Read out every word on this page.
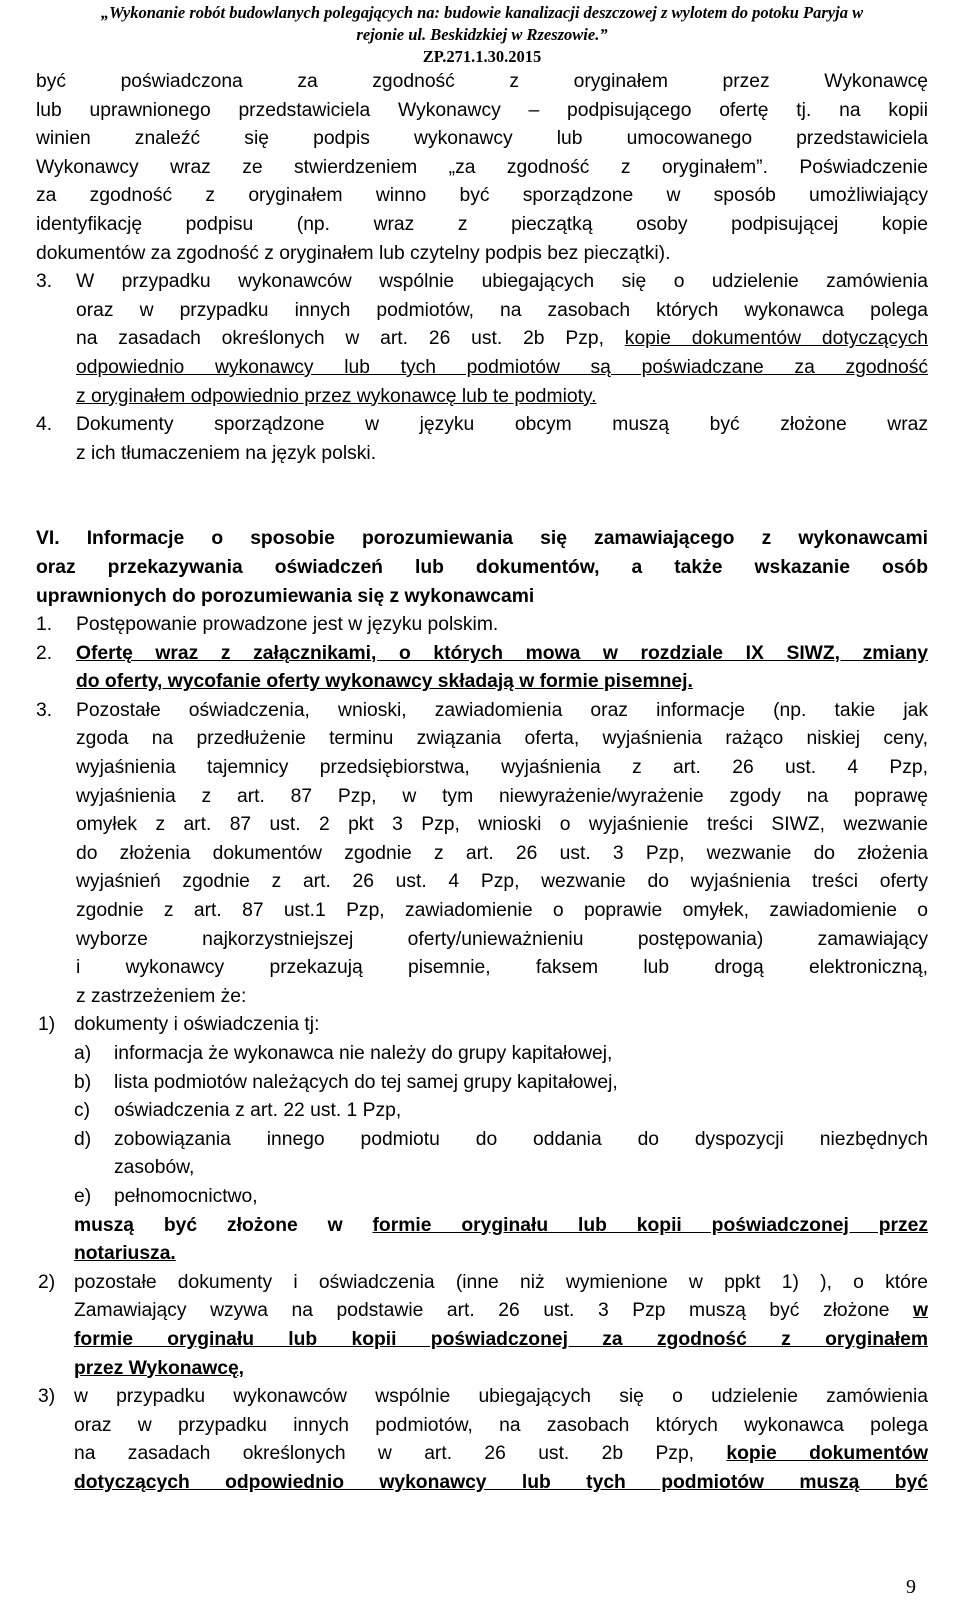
„Wykonanie robót budowlanych polegających na: budowie kanalizacji deszczowej z wylotem do potoku Paryja w
rejonie ul. Beskidzkiej w Rzeszowie.”
ZP.271.1.30.2015
być poświadczona za zgodność z oryginałem przez Wykonawcę
lub uprawnionego przedstawiciela Wykonawcy – podpisującego ofertę tj. na kopii
winien znaleźć się podpis wykonawcy lub umocowanego przedstawiciela
Wykonawcy wraz ze stwierdzeniem „za zgodność z oryginałem”. Poświadczenie
za zgodność z oryginałem winno być sporządzone w sposób umożliwiający
identyfikację podpisu (np. wraz z pieczątką osoby podpisującej kopie
dokumentów za zgodność z oryginałem lub czytelny podpis bez pieczątki).
3.	W przypadku wykonawców wspólnie ubiegających się o udzielenie zamówienia
oraz w przypadku innych podmiotów, na zasobach których wykonawca polega
na zasadach określonych w art. 26 ust. 2b Pzp, kopie dokumentów dotyczących
odpowiednio wykonawcy lub tych podmiotów są poświadczane za zgodność
z oryginałem odpowiednio przez wykonawcę lub te podmioty.
4.	Dokumenty sporządzone w języku obcym muszą być złożone wraz
z ich tłumaczeniem na język polski.
VI. Informacje o sposobie porozumiewania się zamawiającego z wykonawcami
oraz przekazywania oświadczeń lub dokumentów, a także wskazanie osób
uprawnionych do porozumiewania się z wykonawcami
1.	Postępowanie prowadzone jest w języku polskim.
2.	Ofertę wraz z załącznikami, o których mowa w rozdziale IX SIWZ, zmiany
do oferty, wycofanie oferty wykonawcy składają w formie pisemnej.
3.	Pozostałe oświadczenia, wnioski, zawiadomienia oraz informacje (np. takie jak
zgoda na przedłużenie terminu związania oferta, wyjaśnienia rażąco niskiej ceny,
wyjaśnienia tajemnicy przedsiębiorstwa, wyjaśnienia z art. 26 ust. 4 Pzp,
wyjaśnienia z art. 87 Pzp, w tym niewyrażenie/wyrażenie zgody na poprawę
omyłek z art. 87 ust. 2 pkt 3 Pzp, wnioski o wyjaśnienie treści SIWZ, wezwanie
do złożenia dokumentów zgodnie z art. 26 ust. 3 Pzp, wezwanie do złożenia
wyjaśnień zgodnie z art. 26 ust. 4 Pzp, wezwanie do wyjaśnienia treści oferty
zgodnie z art. 87 ust.1 Pzp, zawiadomienie o poprawie omyłek, zawiadomienie o
wyborze najkorzystniejszej oferty/unieważnieniu postępowania) zamawiający
i wykonawcy przekazują pisemnie, faksem lub drogą elektroniczną,
z zastrzeżeniem że:
1) dokumenty i oświadczenia tj:
a)	informacja że wykonawca nie należy do grupy kapitałowej,
b)	lista podmiotów należących do tej samej grupy kapitałowej,
c)	oświadczenia z art. 22 ust. 1 Pzp,
d)	zobowiązania innego podmiotu do oddania do dyspozycji niezbędnych
zasobów,
e)	pełnomocnictwo,
muszą być złożone w formie oryginału lub kopii poświadczonej przez
notariusza.
2) pozostałe dokumenty i oświadczenia (inne niż wymienione w ppkt 1) ), o które
Zamawiający wzywa na podstawie art. 26 ust. 3 Pzp muszą być złożone w
formie oryginału lub kopii poświadczonej za zgodność z oryginałem
przez Wykonawcę,
3) w przypadku wykonawców wspólnie ubiegających się o udzielenie zamówienia
oraz w przypadku innych podmiotów, na zasobach których wykonawca polega
na zasadach określonych w art. 26 ust. 2b Pzp, kopie dokumentów
dotyczących odpowiednio wykonawcy lub tych podmiotów muszą być
9
